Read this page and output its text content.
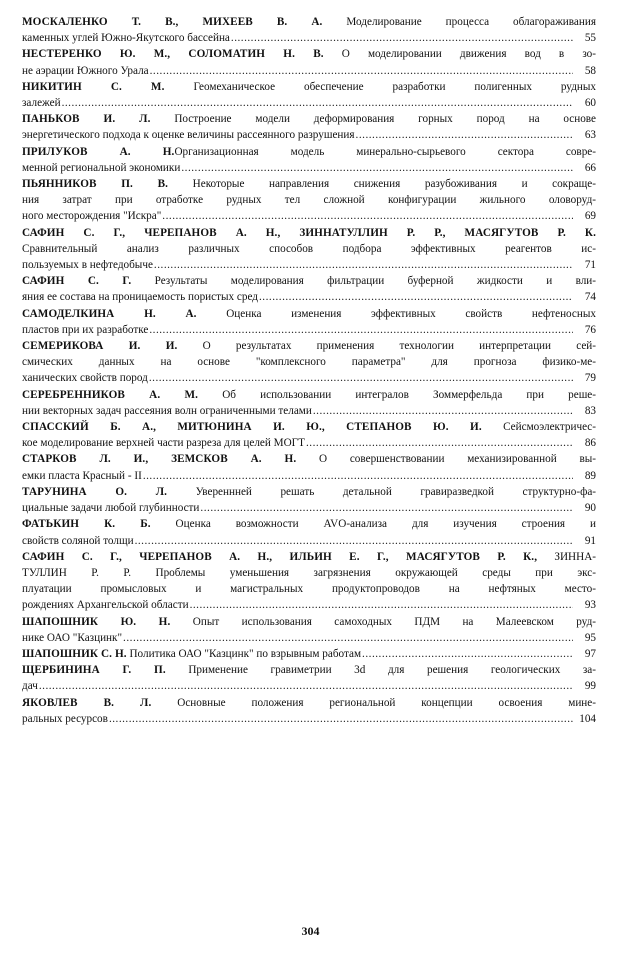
МОСКАЛЕНКО Т. В., МИХЕЕВ В. А. Моделирование процесса облагораживания
каменных углей Южно-Якутского бассейна .....	55
НЕСТЕРЕНКО Ю. М., СОЛОМАТИН Н. В. О моделировании движения вод в зо-
не аэрации Южного Урала .....	58
НИКИТИН С. М. Геомеханическое обеспечение разработки полигенных рудных
залежей .....	60
ПАНЬКОВ И. Л. Построение модели деформирования горных пород на основе
энергетического подхода к оценке величины рассеянного разрушения .....	63
ПРИЛУКОВ А. Н.Организационная модель минерально-сырьевого сектора совре-
менной региональной экономики .....	66
ПЬЯННИКОВ П. В. Некоторые направления снижения разубоживания и сокраще-
ния затрат при отработке рудных тел сложной конфигурации жильного оловоруд-
ного месторождения "Искра" .....	69
САФИН С. Г., ЧЕРЕПАНОВ А. Н., ЗИННАТУЛЛИН Р. Р., МАСЯГУТОВ Р. К.
Сравнительный анализ различных способов подбора эффективных реагентов ис-
пользуемых в нефтедобыче .....	71
САФИН С. Г. Результаты моделирования фильтрации буферной жидкости и вли-
яния ее состава на проницаемость пористых сред .....	74
САМОДЕЛКИНА Н. А. Оценка изменения эффективных свойств нефтеносных
пластов при их разработке .....	76
СЕМЕРИКОВА И. И. О результатах применения технологии интерпретации сей-
смических данных на основе "комплексного параметра" для прогноза физико-ме-
ханических свойств пород .....	79
СЕРЕБРЕННИКОВ А. М. Об использовании интегралов Зоммерфельда при реше-
нии векторных задач рассеяния волн ограниченными телами .....	83
СПАССКИЙ Б. А., МИТЮНИНА И. Ю., СТЕПАНОВ Ю. И. Сейсмоэлектричес-
кое моделирование верхней части разреза для целей МОГТ .....	86
СТАРКОВ Л. И., ЗЕМСКОВ А. Н. О совершенствовании механизированной вы-
емки пласта Красный - II .....	89
ТАРУНИНА О. Л. Увереннней решать детальной гравиразведкой структурно-фа-
циальные задачи любой глубинности .....	90
ФАТЬКИН К. Б. Оценка возможности AVO-анализа для изучения строения и
свойств соляной толщи .....	91
САФИН С. Г., ЧЕРЕПАНОВ А. Н., ИЛЬИН Е. Г., МАСЯГУТОВ Р. К., ЗИННА-
ТУЛЛИН Р. Р. Проблемы уменьшения загрязнения окружающей среды при экс-
плуатации промысловых и магистральных продуктопроводов на нефтяных место-
рождениях Архангельской области .....	93
ШАПОШНИК Ю. Н. Опыт использования самоходных ПДМ на Малеевском руд-
нике ОАО "Казцинк" .....	95
ШАПОШНИК С. Н. Политика ОАО "Казцинк" по взрывным работам .....	97
ЩЕРБИНИНА Г. П. Применение гравиметрии 3d для решения геологических за-
дач .....	99
ЯКОВЛЕВ В. Л. Основные положения региональной концепции освоения мине-
ральных ресурсов .....	104
304
